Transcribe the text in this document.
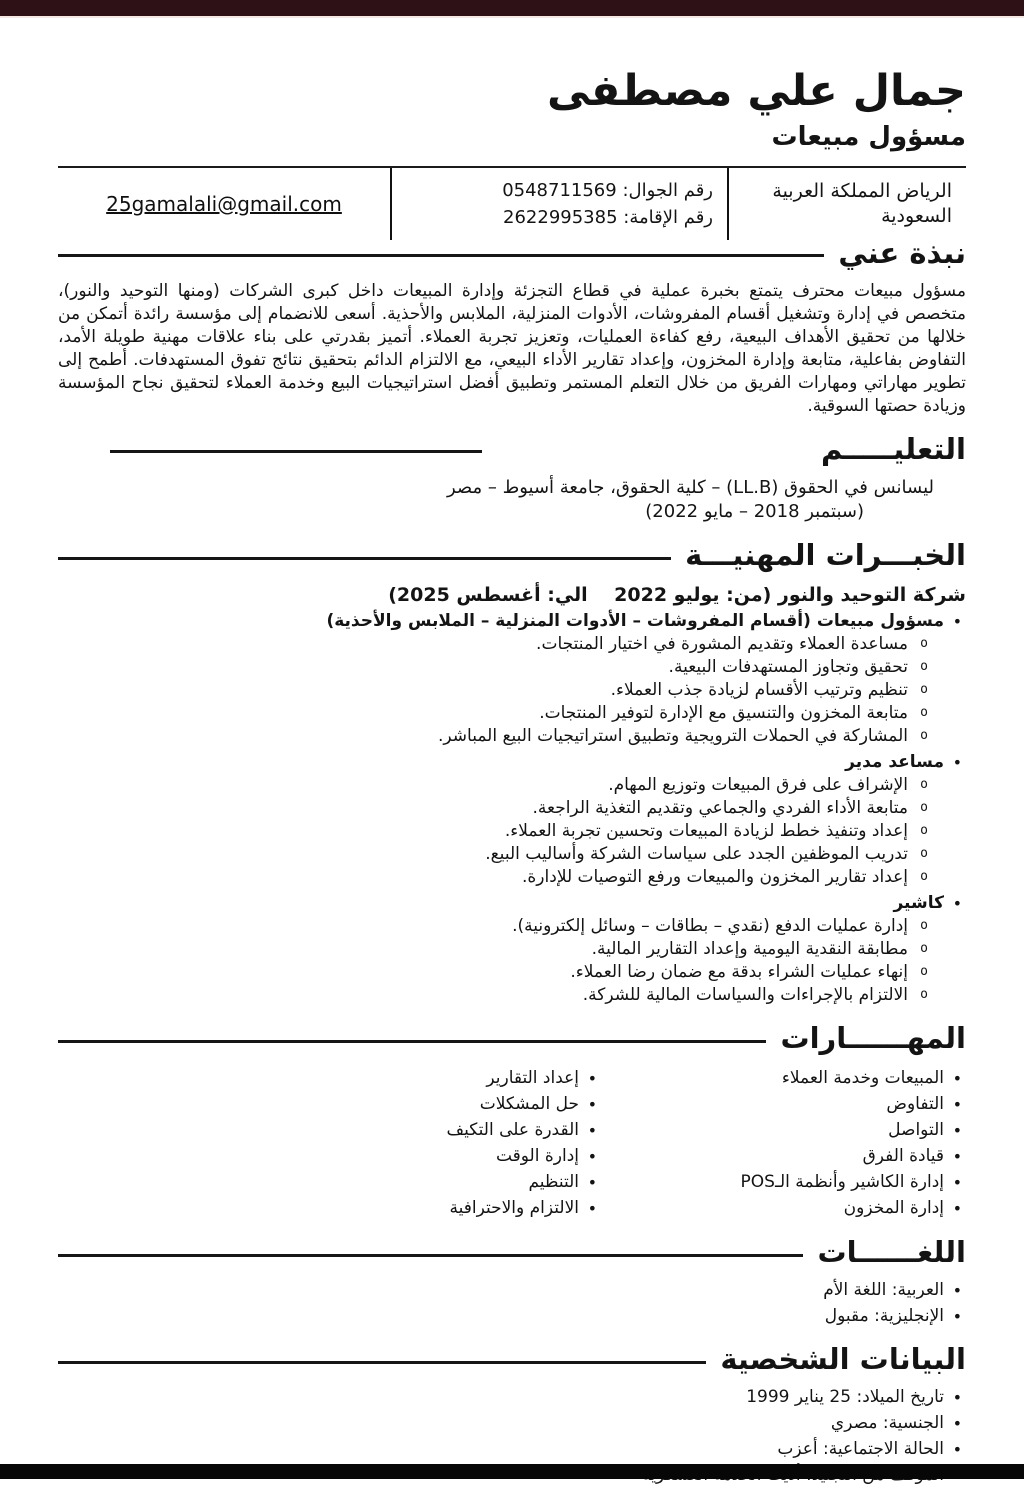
جمال علي مصطفى
مسؤول مبيعات
الرياض المملكة العربية السعودية
رقم الجوال: 0548711569
رقم الإقامة: 2622995385
25gamalali@gmail.com
نبذة عني

مسؤول مبيعات محترف يتمتع بخبرة عملية في قطاع التجزئة وإدارة المبيعات داخل كبرى الشركات (ومنها التوحيد والنور)، متخصص في إدارة وتشغيل أقسام المفروشات، الأدوات المنزلية، الملابس والأحذية. أسعى للانضمام إلى مؤسسة رائدة أتمكن من خلالها من تحقيق الأهداف البيعية، رفع كفاءة العمليات، وتعزيز تجربة العملاء. أتميز بقدرتي على بناء علاقات مهنية طويلة الأمد، التفاوض بفاعلية، متابعة وإدارة المخزون، وإعداد تقارير الأداء البيعي، مع الالتزام الدائم بتحقيق نتائج تفوق المستهدفات. أطمح إلى تطوير مهاراتي ومهارات الفريق من خلال التعلم المستمر وتطبيق أفضل استراتيجيات البيع وخدمة العملاء لتحقيق نجاح المؤسسة وزيادة حصتها السوقية.

التعليـــــم
ليسانس في الحقوق (LL.B) – كلية الحقوق، جامعة أسيوط – مصر
(سبتمبر 2018 – مايو 2022)
الخبـــرات المهنيـــة
شركة التوحيد والنور (من: يوليو 2022    الي: أغسطس 2025)
• مسؤول مبيعات (أقسام المفروشات – الأدوات المنزلية – الملابس والأحذية)
o مساعدة العملاء وتقديم المشورة في اختيار المنتجات.
o تحقيق وتجاوز المستهدفات البيعية.
o تنظيم وترتيب الأقسام لزيادة جذب العملاء.
o متابعة المخزون والتنسيق مع الإدارة لتوفير المنتجات.
o المشاركة في الحملات الترويجية وتطبيق استراتيجيات البيع المباشر.
• مساعد مدير
o الإشراف على فرق المبيعات وتوزيع المهام.
o متابعة الأداء الفردي والجماعي وتقديم التغذية الراجعة.
o إعداد وتنفيذ خطط لزيادة المبيعات وتحسين تجربة العملاء.
o تدريب الموظفين الجدد على سياسات الشركة وأساليب البيع.
o إعداد تقارير المخزون والمبيعات ورفع التوصيات للإدارة.
• كاشير
o إدارة عمليات الدفع (نقدي – بطاقات – وسائل إلكترونية).
o مطابقة النقدية اليومية وإعداد التقارير المالية.
o إنهاء عمليات الشراء بدقة مع ضمان رضا العملاء.
o الالتزام بالإجراءات والسياسات المالية للشركة.
المهــــــارات
• المبيعات وخدمة العملاء
• التفاوض
• التواصل
• قيادة الفرق
• إدارة الكاشير وأنظمة الـPOS
• إدارة المخزون
• إعداد التقارير
• حل المشكلات
• القدرة على التكيف
• إدارة الوقت
• التنظيم
• الالتزام والاحترافية
اللغــــــات
• العربية: اللغة الأم
• الإنجليزية: مقبول
البيانات الشخصية
• تاريخ الميلاد: 25 يناير 1999
• الجنسية: مصري
• الحالة الاجتماعية: أعزب
•
